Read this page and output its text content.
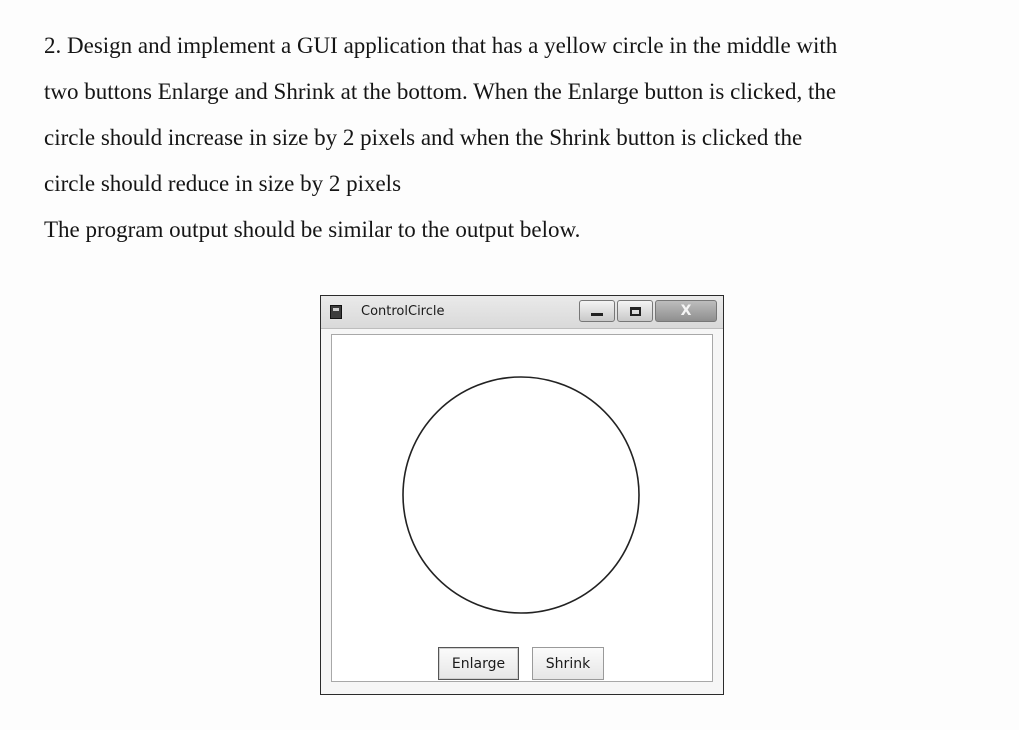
2. Design and implement a GUI application that has a yellow circle in the middle with
two buttons Enlarge and Shrink at the bottom. When the Enlarge button is clicked, the
circle should increase in size by 2 pixels and when the Shrink button is clicked the
circle should reduce in size by 2 pixels
The program output should be similar to the output below.
ControlCircle	X
Enlarge	Shrink
